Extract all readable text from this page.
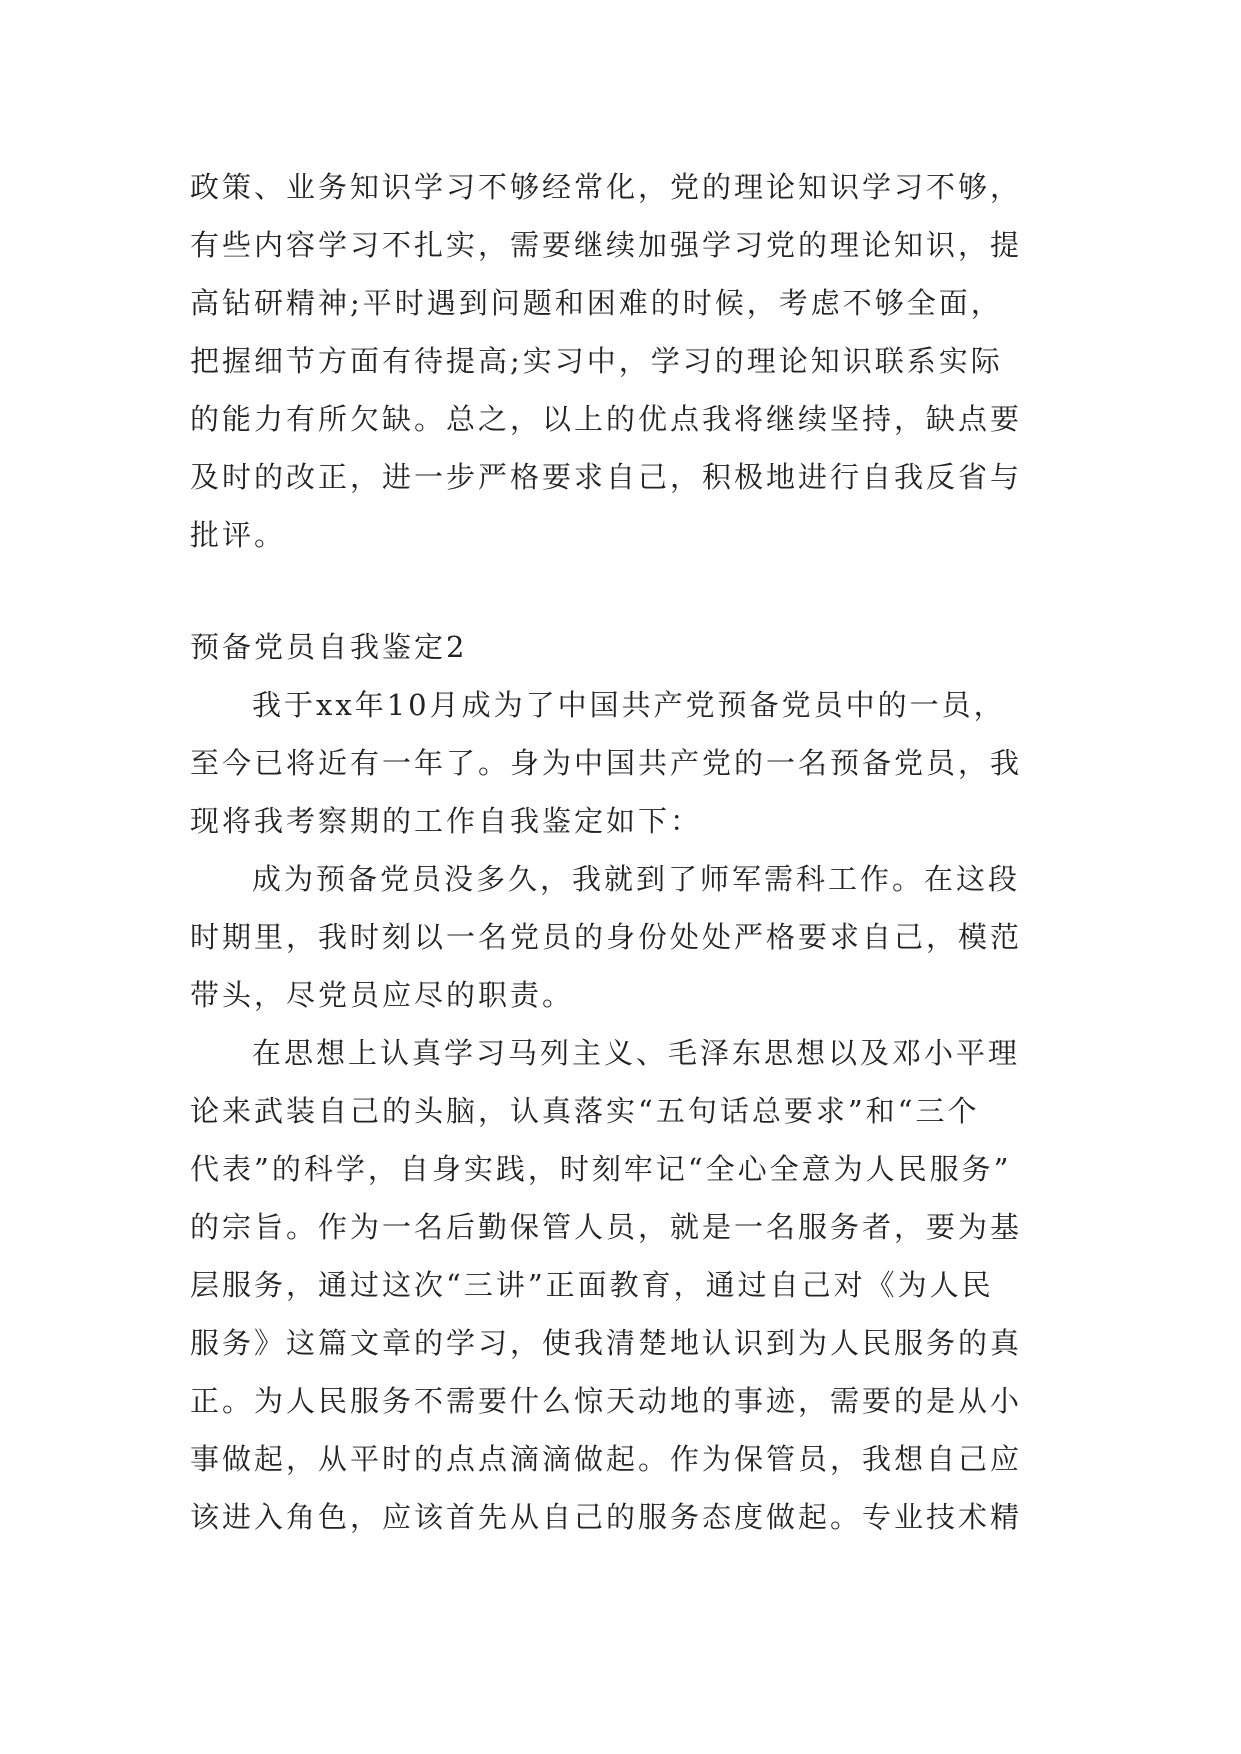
政策、业务知识学习不够经常化，党的理论知识学习不够，
有些内容学习不扎实，需要继续加强学习党的理论知识，提
高钻研精神;平时遇到问题和困难的时候，考虑不够全面，
把握细节方面有待提高;实习中，学习的理论知识联系实际
的能力有所欠缺。总之，以上的优点我将继续坚持，缺点要
及时的改正，进一步严格要求自己，积极地进行自我反省与
批评。
预备党员自我鉴定2
我于xx年10月成为了中国共产党预备党员中的一员，
至今已将近有一年了。身为中国共产党的一名预备党员，我
现将我考察期的工作自我鉴定如下：
成为预备党员没多久，我就到了师军需科工作。在这段
时期里，我时刻以一名党员的身份处处严格要求自己，模范
带头，尽党员应尽的职责。
在思想上认真学习马列主义、毛泽东思想以及邓小平理
论来武装自己的头脑，认真落实“五句话总要求”和“三个
代表”的科学，自身实践，时刻牢记“全心全意为人民服务”
的宗旨。作为一名后勤保管人员，就是一名服务者，要为基
层服务，通过这次“三讲”正面教育，通过自己对《为人民
服务》这篇文章的学习，使我清楚地认识到为人民服务的真
正。为人民服务不需要什么惊天动地的事迹，需要的是从小
事做起，从平时的点点滴滴做起。作为保管员，我想自己应
该进入角色，应该首先从自己的服务态度做起。专业技术精
